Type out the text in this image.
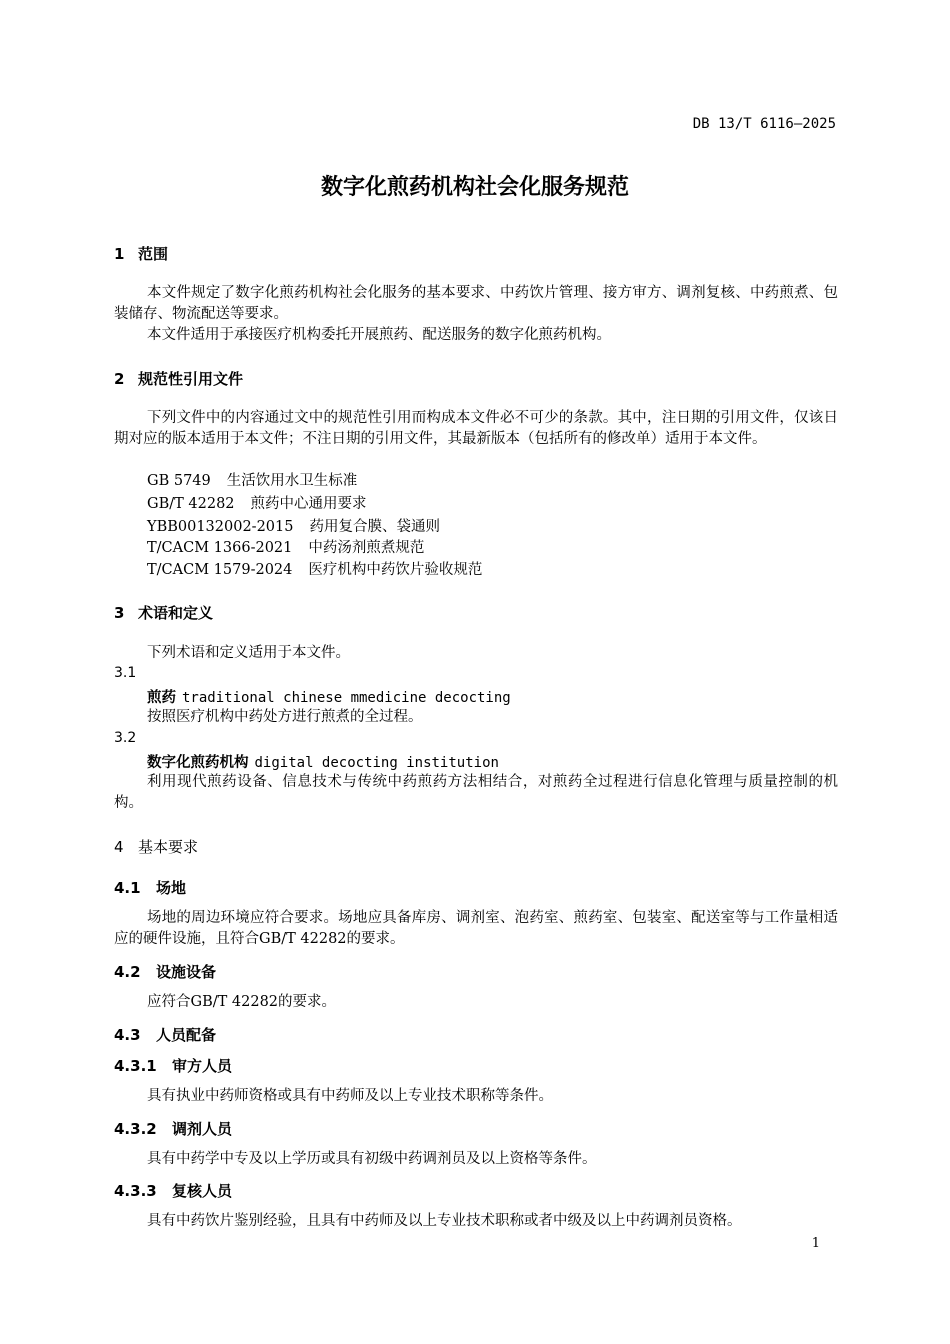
DB 13/T 6116—2025
数字化煎药机构社会化服务规范
1 范围
本文件规定了数字化煎药机构社会化服务的基本要求、中药饮片管理、接方审方、调剂复核、中药煎煮、包装储存、物流配送等要求。
本文件适用于承接医疗机构委托开展煎药、配送服务的数字化煎药机构。
2 规范性引用文件
下列文件中的内容通过文中的规范性引用而构成本文件必不可少的条款。其中，注日期的引用文件，仅该日期对应的版本适用于本文件；不注日期的引用文件，其最新版本（包括所有的修改单）适用于本文件。
GB 5749 生活饮用水卫生标准
GB/T 42282 煎药中心通用要求
YBB00132002-2015 药用复合膜、袋通则
T/CACM 1366-2021 中药汤剂煎煮规范
T/CACM 1579-2024 医疗机构中药饮片验收规范
3 术语和定义
下列术语和定义适用于本文件。
3.1
煎药 traditional chinese mmedicine decocting
按照医疗机构中药处方进行煎煮的全过程。
3.2
数字化煎药机构 digital decocting institution
利用现代煎药设备、信息技术与传统中药煎药方法相结合，对煎药全过程进行信息化管理与质量控制的机构。
4 基本要求
4.1 场地
场地的周边环境应符合要求。场地应具备库房、调剂室、泡药室、煎药室、包装室、配送室等与工作量相适应的硬件设施，且符合GB/T 42282的要求。
4.2 设施设备
应符合GB/T 42282的要求。
4.3 人员配备
4.3.1 审方人员
具有执业中药师资格或具有中药师及以上专业技术职称等条件。
4.3.2 调剂人员
具有中药学中专及以上学历或具有初级中药调剂员及以上资格等条件。
4.3.3 复核人员
具有中药饮片鉴别经验，且具有中药师及以上专业技术职称或者中级及以上中药调剂员资格。
1
